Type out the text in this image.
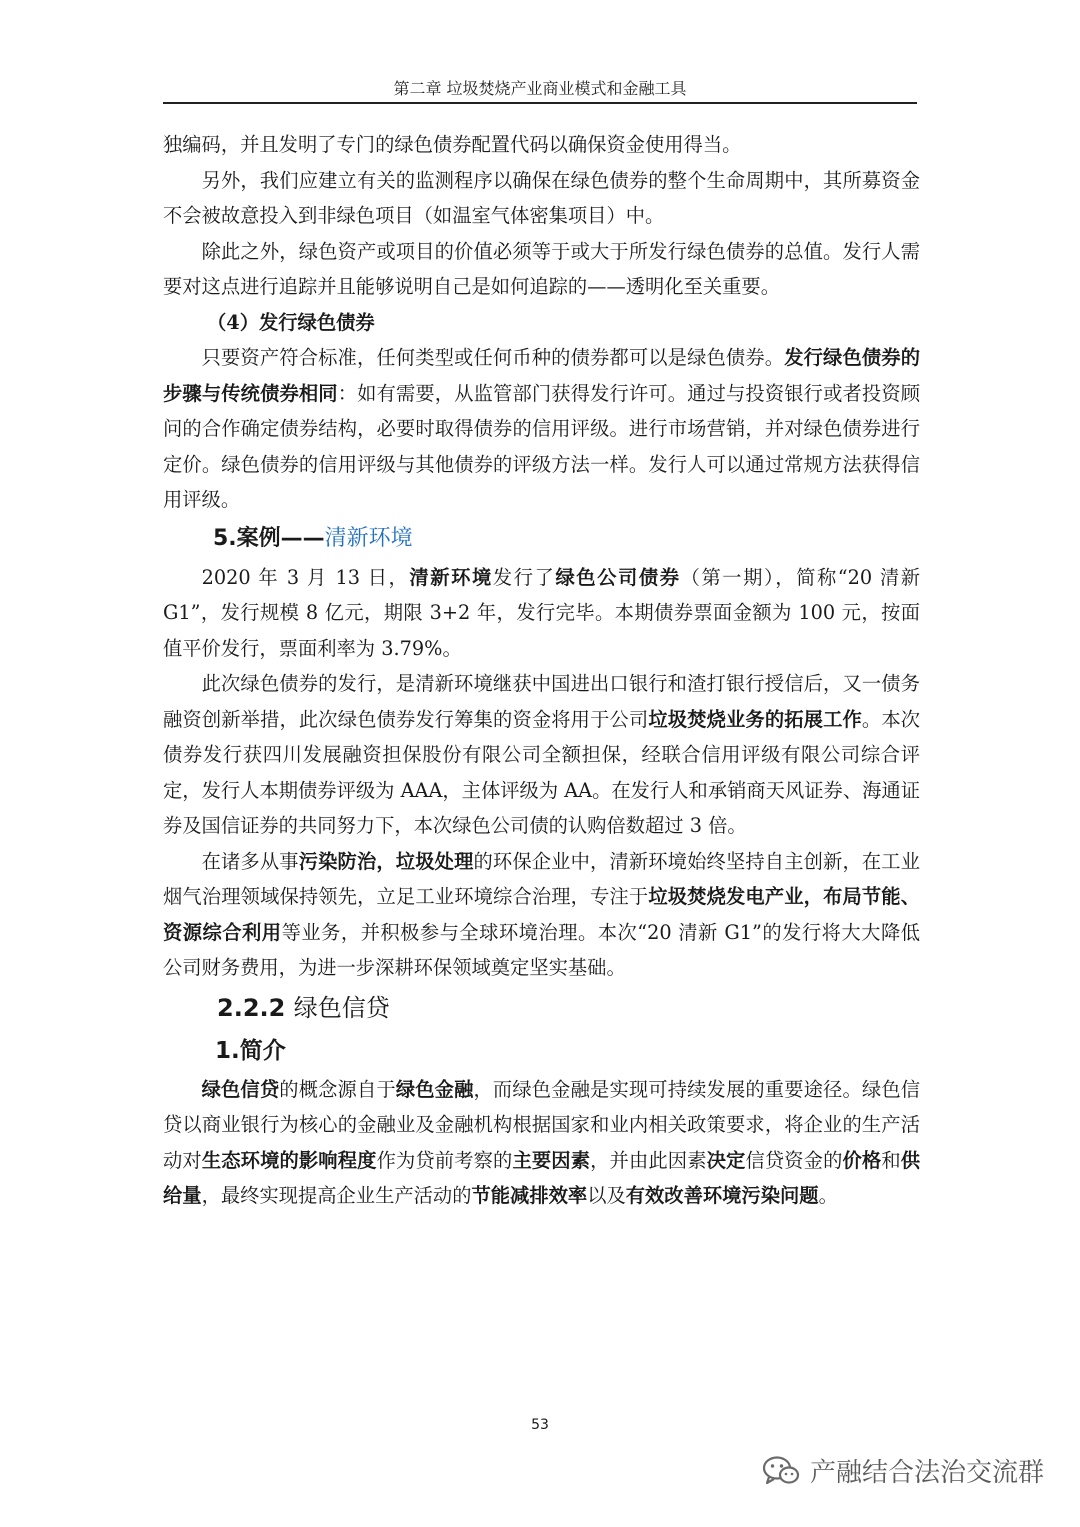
第二章 垃圾焚烧产业商业模式和金融工具

独编码，并且发明了专门的绿色债券配置代码以确保资金使用得当。

另外，我们应建立有关的监测程序以确保在绿色债券的整个生命周期中，其所募资金不会被故意投入到非绿色项目（如温室气体密集项目）中。

除此之外，绿色资产或项目的价值必须等于或大于所发行绿色债券的总值。发行人需要对这点进行追踪并且能够说明自己是如何追踪的——透明化至关重要。

（4）发行绿色债券

只要资产符合标准，任何类型或任何币种的债券都可以是绿色债券。发行绿色债券的步骤与传统债券相同：如有需要，从监管部门获得发行许可。通过与投资银行或者投资顾问的合作确定债券结构，必要时取得债券的信用评级。进行市场营销，并对绿色债券进行定价。绿色债券的信用评级与其他债券的评级方法一样。发行人可以通过常规方法获得信用评级。

5.案例——清新环境

2020 年 3 月 13 日，清新环境发行了绿色公司债券（第一期），简称“20 清新 G1”，发行规模 8 亿元，期限 3+2 年，发行完毕。本期债券票面金额为 100 元，按面值平价发行，票面利率为 3.79%。

此次绿色债券的发行，是清新环境继获中国进出口银行和渣打银行授信后，又一债务融资创新举措，此次绿色债券发行筹集的资金将用于公司垃圾焚烧业务的拓展工作。本次债券发行获四川发展融资担保股份有限公司全额担保，经联合信用评级有限公司综合评定，发行人本期债券评级为 AAA，主体评级为 AA。在发行人和承销商天风证券、海通证券及国信证券的共同努力下，本次绿色公司债的认购倍数超过 3 倍。

在诸多从事污染防治，垃圾处理的环保企业中，清新环境始终坚持自主创新，在工业烟气治理领域保持领先，立足工业环境综合治理，专注于垃圾焚烧发电产业，布局节能、资源综合利用等业务，并积极参与全球环境治理。本次“20 清新 G1”的发行将大大降低公司财务费用，为进一步深耕环保领域奠定坚实基础。

2.2.2 绿色信贷

1.简介

绿色信贷的概念源自于绿色金融，而绿色金融是实现可持续发展的重要途径。绿色信贷以商业银行为核心的金融业及金融机构根据国家和业内相关政策要求，将企业的生产活动对生态环境的影响程度作为贷前考察的主要因素，并由此因素决定信贷资金的价格和供给量，最终实现提高企业生产活动的节能减排效率以及有效改善环境污染问题。

53
产融结合法治交流群
